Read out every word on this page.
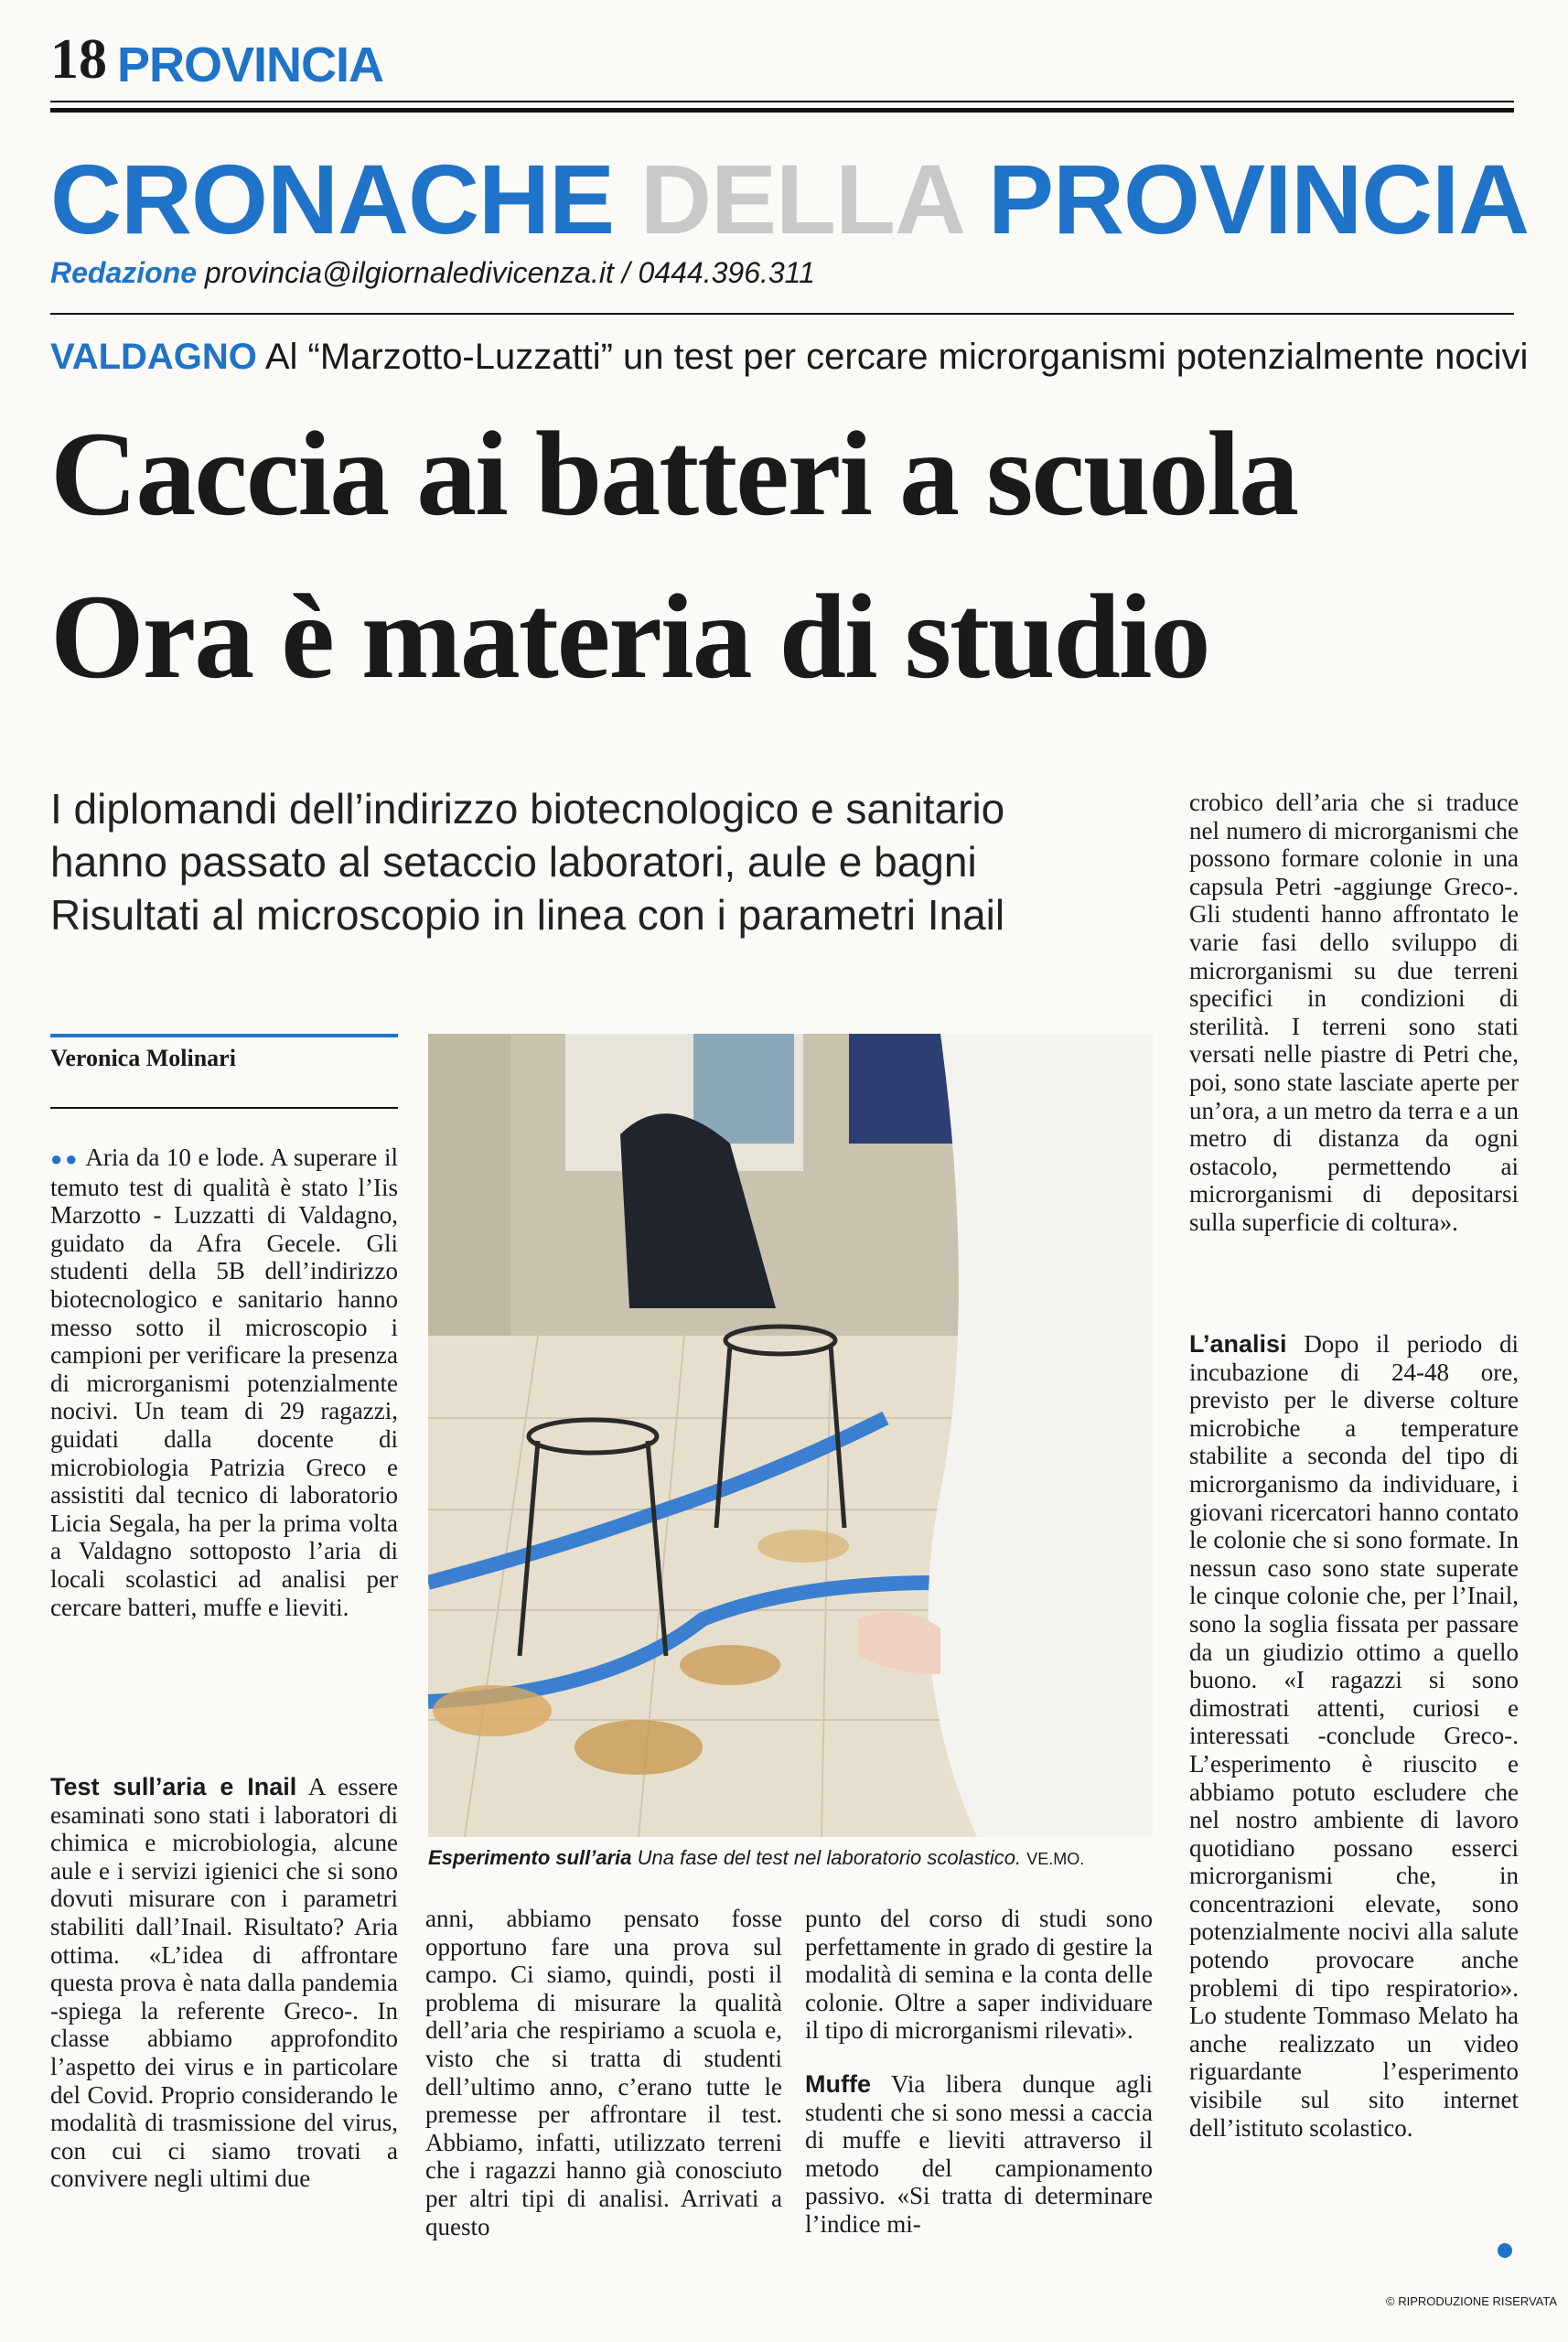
18 PROVINCIA
CRONACHE DELLA PROVINCIA
Redazione provincia@ilgiornaledivicenza.it / 0444.396.311
VALDAGNO Al “Marzotto-Luzzatti” un test per cercare microrganismi potenzialmente nocivi
Caccia ai batteri a scuola
Ora è materia di studio
I diplomandi dell’indirizzo biotecnologico e sanitario
hanno passato al setaccio laboratori, aule e bagni
Risultati al microscopio in linea con i parametri Inail
Veronica Molinari

●● Aria da 10 e lode. A superare il temuto test di qualità è stato l’Iis Marzotto - Luzzatti di Valdagno, guidato da Afra Gecele. Gli studenti della 5B dell’indirizzo biotecnologico e sanitario hanno messo sotto il microscopio i campioni per verificare la presenza di microrganismi potenzialmente nocivi. Un team di 29 ragazzi, guidati dalla docente di microbiologia Patrizia Greco e assistiti dal tecnico di laboratorio Licia Segala, ha per la prima volta a Valdagno sottoposto l’aria di locali scolastici ad analisi per cercare batteri, muffe e lieviti.

Test sull’aria e Inail A essere esaminati sono stati i laboratori di chimica e microbiologia, alcune aule e i servizi igienici che si sono dovuti misurare con i parametri stabiliti dall’Inail. Risultato? Aria ottima. «L’idea di affrontare questa prova è nata dalla pandemia -spiega la referente Greco-. In classe abbiamo approfondito l’aspetto dei virus e in particolare del Covid. Proprio considerando le modalità di trasmissione del virus, con cui ci siamo trovati a convivere negli ultimi due

Esperimento sull’aria Una fase del test nel laboratorio scolastico. VE.MO.

anni, abbiamo pensato fosse opportuno fare una prova sul campo. Ci siamo, quindi, posti il problema di misurare la qualità dell’aria che respiriamo a scuola e, visto che si tratta di studenti dell’ultimo anno, c’erano tutte le premesse per affrontare il test. Abbiamo, infatti, utilizzato terreni che i ragazzi hanno già conosciuto per altri tipi di analisi. Arrivati a questo

punto del corso di studi sono perfettamente in grado di gestire la modalità di semina e la conta delle colonie. Oltre a saper individuare il tipo di microrganismi rilevati».

Muffe Via libera dunque agli studenti che si sono messi a caccia di muffe e lieviti attraverso il metodo del campionamento passivo. «Si tratta di determinare l’indice mi-

crobico dell’aria che si traduce nel numero di microrganismi che possono formare colonie in una capsula Petri -aggiunge Greco-. Gli studenti hanno affrontato le varie fasi dello sviluppo di microrganismi su due terreni specifici in condizioni di sterilità. I terreni sono stati versati nelle piastre di Petri che, poi, sono state lasciate aperte per un’ora, a un metro da terra e a un metro di distanza da ogni ostacolo, permettendo ai microrganismi di depositarsi sulla superficie di coltura».

L’analisi Dopo il periodo di incubazione di 24-48 ore, previsto per le diverse colture microbiche a temperature stabilite a seconda del tipo di microrganismo da individuare, i giovani ricercatori hanno contato le colonie che si sono formate. In nessun caso sono state superate le cinque colonie che, per l’Inail, sono la soglia fissata per passare da un giudizio ottimo a quello buono. «I ragazzi si sono dimostrati attenti, curiosi e interessati -conclude Greco-. L’esperimento è riuscito e abbiamo potuto escludere che nel nostro ambiente di lavoro quotidiano possano esserci microrganismi che, in concentrazioni elevate, sono potenzialmente nocivi alla salute potendo provocare anche problemi di tipo respiratorio». Lo studente Tommaso Melato ha anche realizzato un video riguardante l’esperimento visibile sul sito internet dell’istituto scolastico.

© RIPRODUZIONE RISERVATA
